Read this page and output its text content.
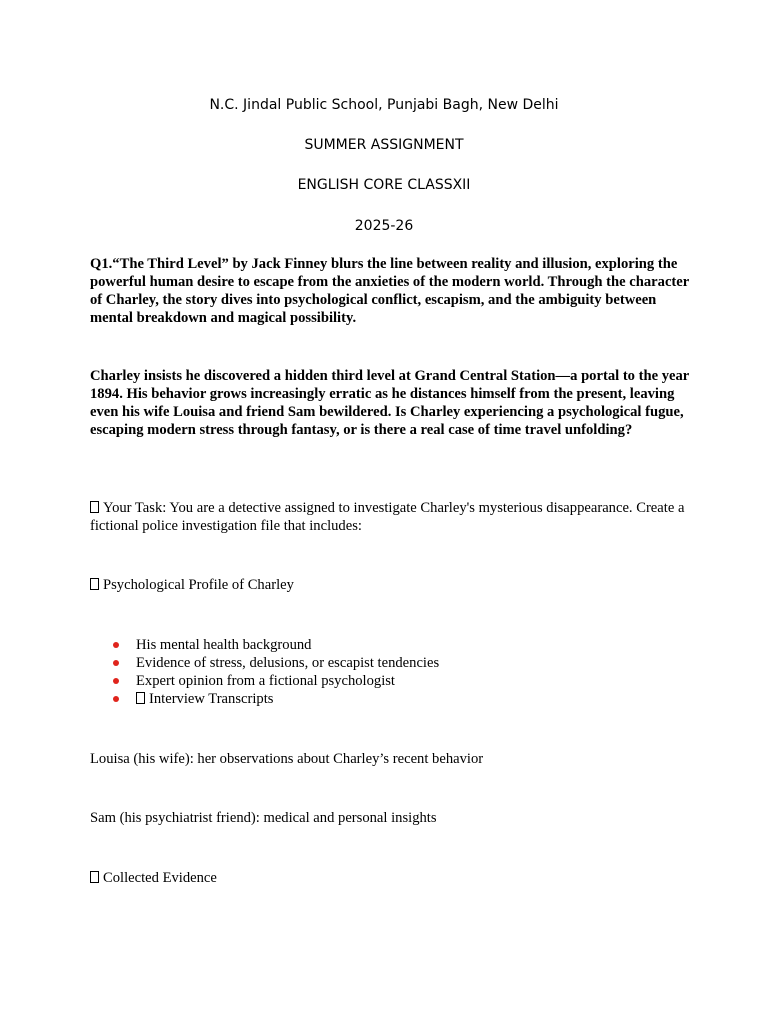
N.C. Jindal Public School, Punjabi Bagh, New Delhi

SUMMER ASSIGNMENT

ENGLISH CORE CLASSXII

2025-26

Q1.“The Third Level” by Jack Finney blurs the line between reality and illusion, exploring the powerful human desire to escape from the anxieties of the modern world. Through the character of Charley, the story dives into psychological conflict, escapism, and the ambiguity between mental breakdown and magical possibility.

Charley insists he discovered a hidden third level at Grand Central Station—a portal to the year 1894. His behavior grows increasingly erratic as he distances himself from the present, leaving even his wife Louisa and friend Sam bewildered. Is Charley experiencing a psychological fugue, escaping modern stress through fantasy, or is there a real case of time travel unfolding?

Your Task: You are a detective assigned to investigate Charley's mysterious disappearance. Create a fictional police investigation file that includes:

Psychological Profile of Charley

His mental health background
Evidence of stress, delusions, or escapist tendencies
Expert opinion from a fictional psychologist
Interview Transcripts

Louisa (his wife): her observations about Charley’s recent behavior

Sam (his psychiatrist friend): medical and personal insights

Collected Evidence
